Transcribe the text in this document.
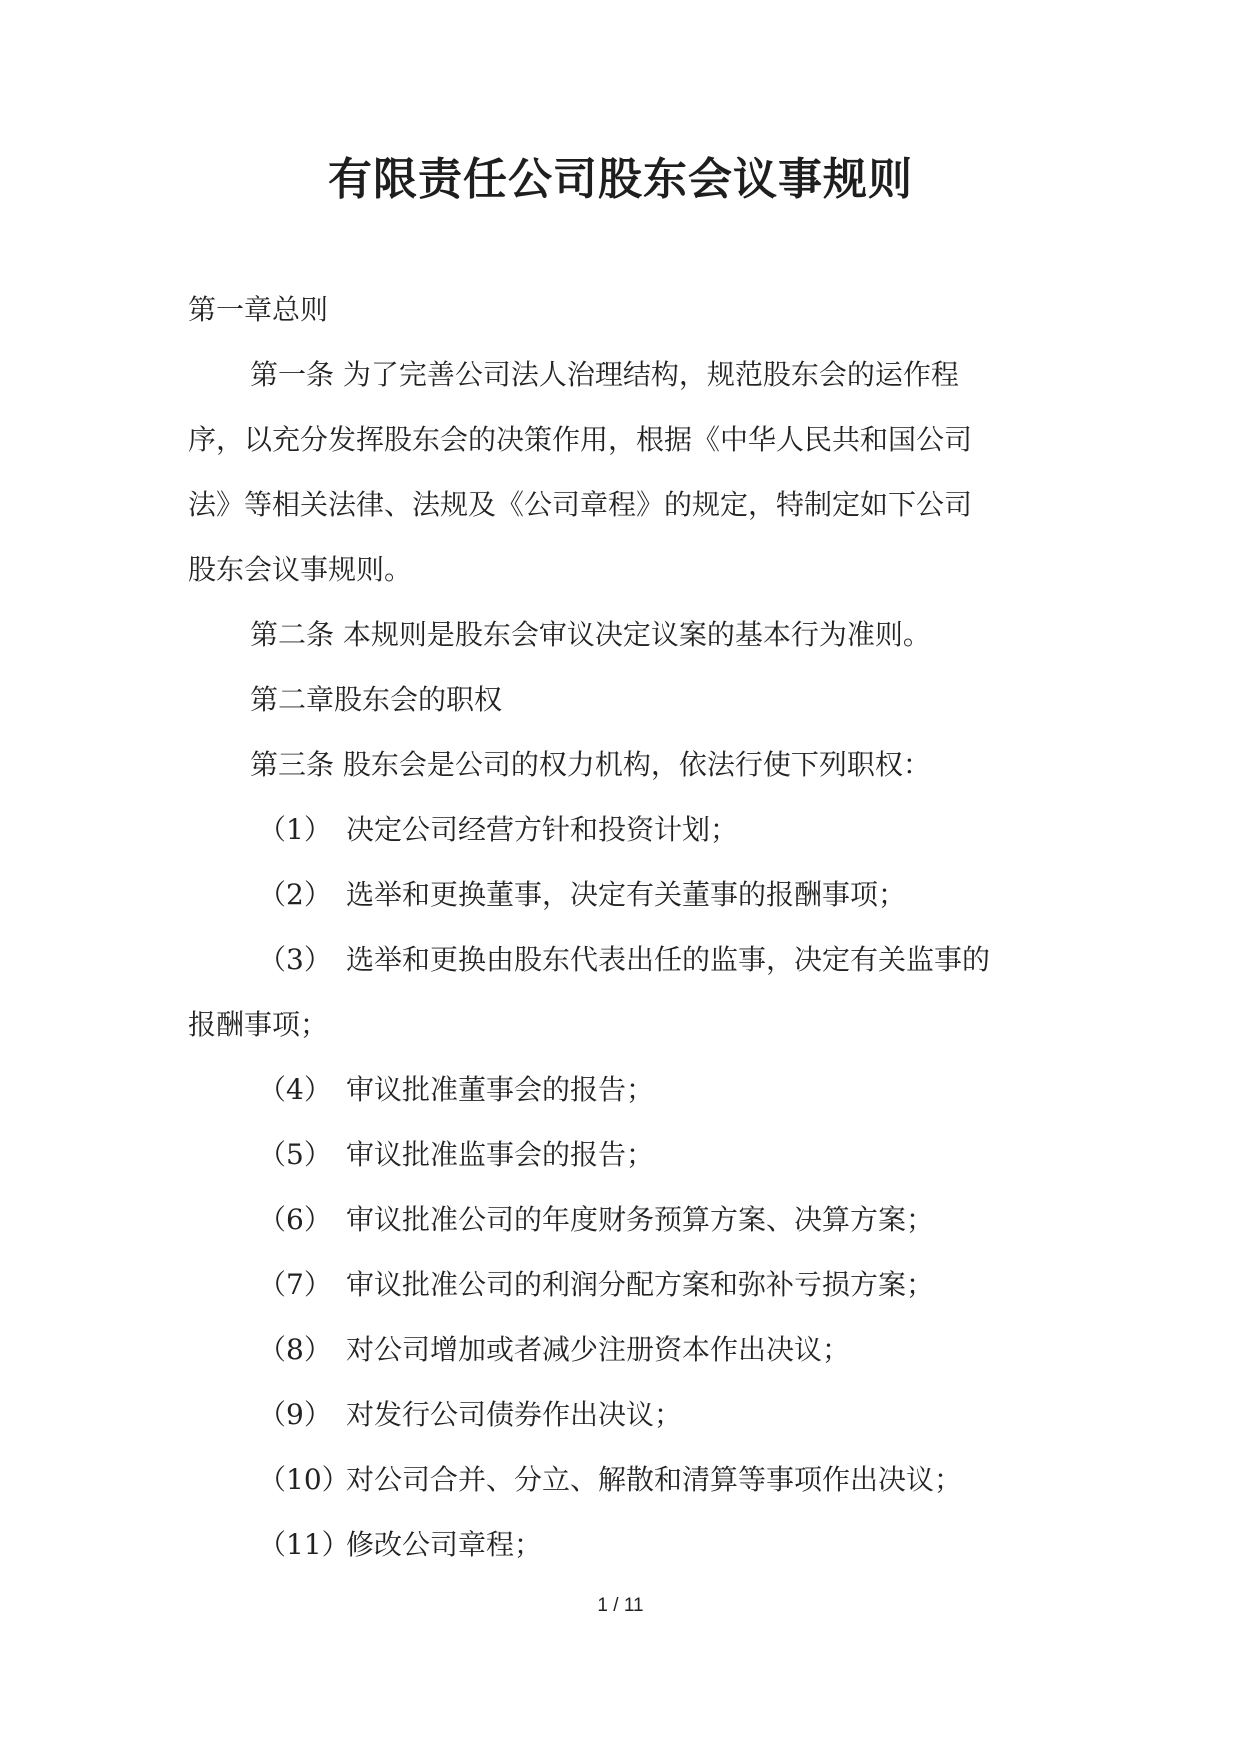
有限责任公司股东会议事规则

第一章总则

第一条 为了完善公司法人治理结构，规范股东会的运作程

序，以充分发挥股东会的决策作用，根据《中华人民共和国公司

法》等相关法律、法规及《公司章程》的规定，特制定如下公司

股东会议事规则。

第二条 本规则是股东会审议决定议案的基本行为准则。

第二章股东会的职权

第三条 股东会是公司的权力机构，依法行使下列职权：

（1） 决定公司经营方针和投资计划；
（2） 选举和更换董事，决定有关董事的报酬事项；
（3） 选举和更换由股东代表出任的监事，决定有关监事的
报酬事项；
（4） 审议批准董事会的报告；
（5） 审议批准监事会的报告；
（6） 审议批准公司的年度财务预算方案、决算方案；
（7） 审议批准公司的利润分配方案和弥补亏损方案；
（8） 对公司增加或者减少注册资本作出决议；
（9） 对发行公司债券作出决议；
（10）
对公司合并、分立、解散和清算等事项作出决议；
（11）
修改公司章程；
1 / 11
